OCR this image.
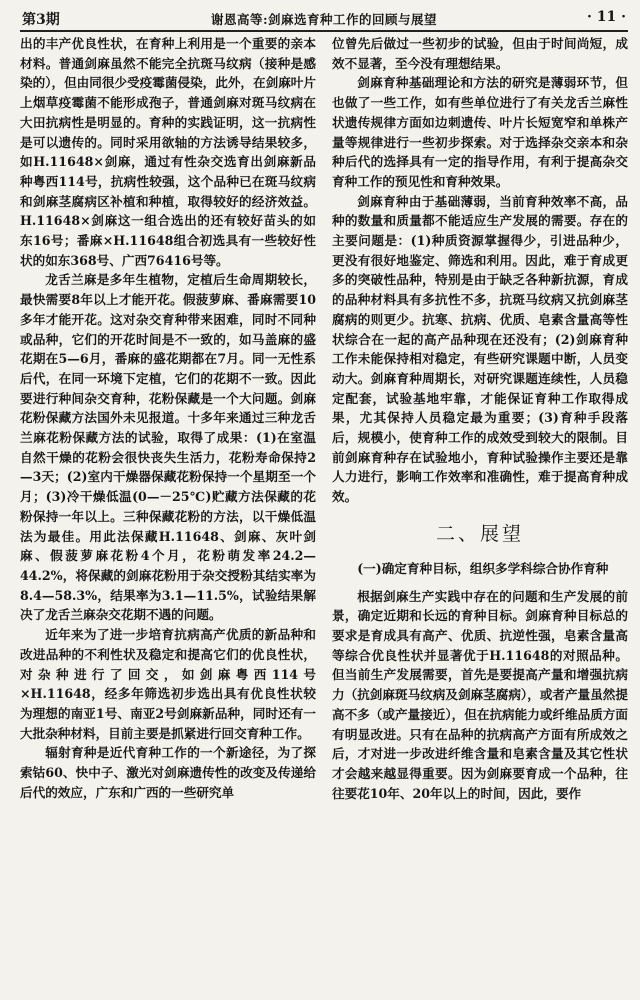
第3期	谢恩高等:剑麻选育种工作的回顾与展望	· 11 ·

出的丰产优良性状，在育种上利用是一个重要的亲本材料。普通剑麻虽然不能完全抗斑马纹病（接种是感染的），但由同很少受疫霉菌侵染，此外，在剑麻叶片上烟草疫霉菌不能形成孢子，普通剑麻对斑马纹病在大田抗病性是明显的。育种的实践证明，这一抗病性是可以遗传的。同时采用欲轴的方法诱导结果较多，如H.11648×剑麻，通过有性杂交选育出剑麻新品种粤西114号，抗病性较强，这个品种已在斑马纹病和剑麻茎腐病区补植和种植，取得较好的经济效益。H.11648×剑麻这一组合选出的还有较好苗头的如东16号；番麻×H.11648组合初选具有一些较好性状的如东368号、广西76416号等。

龙舌兰麻是多年生植物，定植后生命周期较长，最快需要8年以上才能开花。假菠萝麻、番麻需要10多年才能开花。这对杂交育种带来困难，同时不同种或品种，它们的开花时间是不一致的，如马盖麻的盛花期在5—6月，番麻的盛花期都在7月。同一无性系后代，在同一环境下定植，它们的花期不一致。因此要进行种间杂交育种，花粉保藏是一个大问题。剑麻花粉保藏方法国外未见报道。十多年来通过三种龙舌兰麻花粉保藏方法的试验，取得了成果：(1)在室温自然干燥的花粉会很快丧失生活力，花粉寿命保持2—3天；(2)室内干燥器保藏花粉保持一个星期至一个月；(3)冷干燥低温(0—－25℃)贮藏方法保藏的花粉保持一年以上。三种保藏花粉的方法，以干燥低温法为最佳。用此法保藏H.11648、剑麻、灰叶剑麻、假菠萝麻花粉4个月，花粉萌发率24.2—44.2%，将保藏的剑麻花粉用于杂交授粉其结实率为8.4—58.3%，结果率为3.1—11.5%，试验结果解决了龙舌兰麻杂交花期不遇的问题。

近年来为了进一步培育抗病高产优质的新品种和改进品种的不利性状及稳定和提高它们的优良性状，对杂种进行了回交，如剑麻粤西114号×H.11648，经多年筛选初步选出具有优良性状较为理想的南亚1号、南亚2号剑麻新品种，同时还有一大批杂种材料，目前主要是抓紧进行回交育种工作。

辐射育种是近代育种工作的一个新途径，为了探索钴60、快中子、激光对剑麻遗传性的改变及传递给后代的效应，广东和广西的一些研究单

位曾先后做过一些初步的试验，但由于时间尚短，成效不显著，至今没有理想结果。

剑麻育种基础理论和方法的研究是薄弱环节，但也做了一些工作，如有些单位进行了有关龙舌兰麻性状遗传规律方面如边刺遗传、叶片长短宽窄和单株产量等规律进行一些初步探索。对于选择杂交亲本和杂种后代的选择具有一定的指导作用，有利于提高杂交育种工作的预见性和育种效果。

剑麻育种由于基础薄弱，当前育种效率不高，品种的数量和质量都不能适应生产发展的需要。存在的主要问题是：(1)种质资源掌握得少，引进品种少，更没有很好地鉴定、筛选和利用。因此，难于育成更多的突破性品种，特别是由于缺乏各种新抗源，育成的品种材料具有多抗性不多，抗斑马纹病又抗剑麻茎腐病的则更少。抗寒、抗病、优质、皂素含量高等性状综合在一起的高产品种现在还没有；(2)剑麻育种工作未能保持相对稳定，有些研究课题中断，人员变动大。剑麻育种周期长，对研究课题连续性，人员稳定配套，试验基地牢靠，才能保证育种工作取得成果，尤其保持人员稳定最为重要；(3)育种手段落后，规模小，使育种工作的成效受到较大的限制。目前剑麻育种存在试验地小，育种试验操作主要还是靠人力进行，影响工作效率和准确性，难于提高育种成效。

二、展望
(一)确定育种目标，组织多学科综合协作育种

根据剑麻生产实践中存在的问题和生产发展的前景，确定近期和长远的育种目标。剑麻育种目标总的要求是育成具有高产、优质、抗逆性强，皂素含量高等综合优良性状并显著优于H.11648的对照品种。但当前生产发展需要，首先是要提高产量和增强抗病力（抗剑麻斑马纹病及剑麻茎腐病），或者产量虽然提高不多（或产量接近），但在抗病能力或纤维品质方面有明显改进。只有在品种的抗病高产方面有所成效之后，才对进一步改进纤维含量和皂素含量及其它性状才会越来越显得重要。因为剑麻要育成一个品种，往往要花10年、20年以上的时间，因此，要作
